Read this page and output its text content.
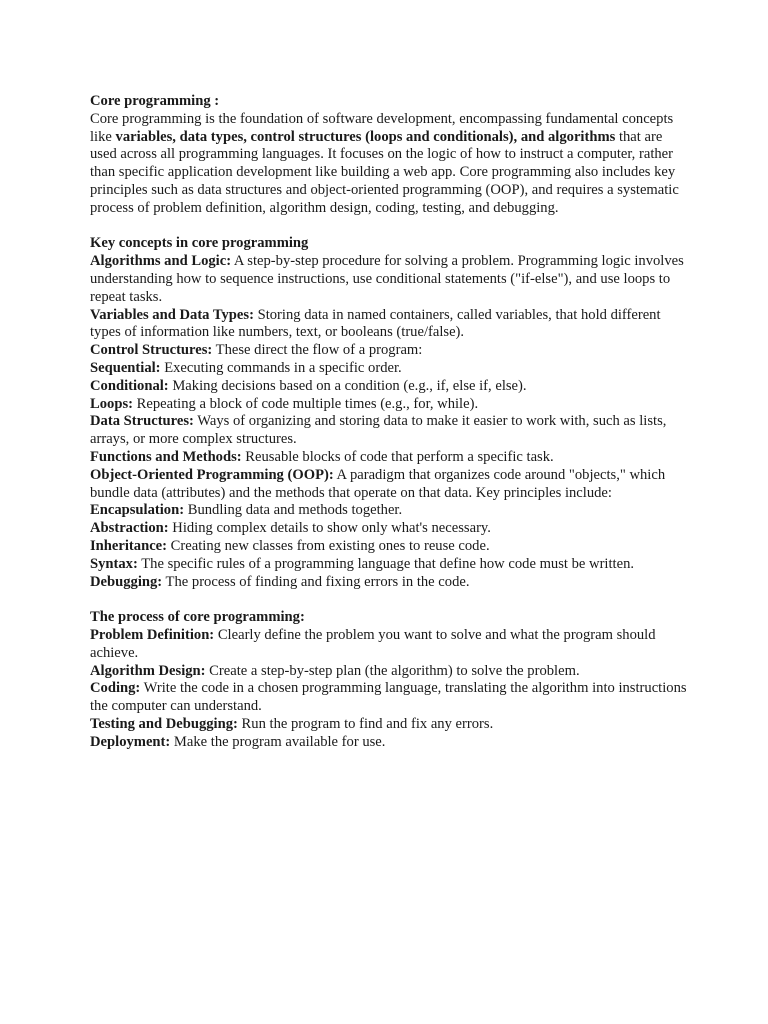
Core programming :

Core programming is the foundation of software development, encompassing fundamental concepts like variables, data types, control structures (loops and conditionals), and algorithms that are used across all programming languages. It focuses on the logic of how to instruct a computer, rather than specific application development like building a web app. Core programming also includes key principles such as data structures and object-oriented programming (OOP), and requires a systematic process of problem definition, algorithm design, coding, testing, and debugging.

Key concepts in core programming

Algorithms and Logic: A step-by-step procedure for solving a problem. Programming logic involves understanding how to sequence instructions, use conditional statements ("if-else"), and use loops to repeat tasks.

Variables and Data Types: Storing data in named containers, called variables, that hold different types of information like numbers, text, or booleans (true/false).

Control Structures: These direct the flow of a program:

Sequential: Executing commands in a specific order.

Conditional: Making decisions based on a condition (e.g., if, else if, else).

Loops: Repeating a block of code multiple times (e.g., for, while).

Data Structures: Ways of organizing and storing data to make it easier to work with, such as lists, arrays, or more complex structures.

Functions and Methods: Reusable blocks of code that perform a specific task.

Object-Oriented Programming (OOP): A paradigm that organizes code around "objects," which bundle data (attributes) and the methods that operate on that data. Key principles include:

Encapsulation: Bundling data and methods together.

Abstraction: Hiding complex details to show only what's necessary.

Inheritance: Creating new classes from existing ones to reuse code.

Syntax: The specific rules of a programming language that define how code must be written.

Debugging: The process of finding and fixing errors in the code.

The process of core programming:

Problem Definition: Clearly define the problem you want to solve and what the program should achieve.

Algorithm Design: Create a step-by-step plan (the algorithm) to solve the problem.

Coding: Write the code in a chosen programming language, translating the algorithm into instructions the computer can understand.

Testing and Debugging: Run the program to find and fix any errors.

Deployment: Make the program available for use.
